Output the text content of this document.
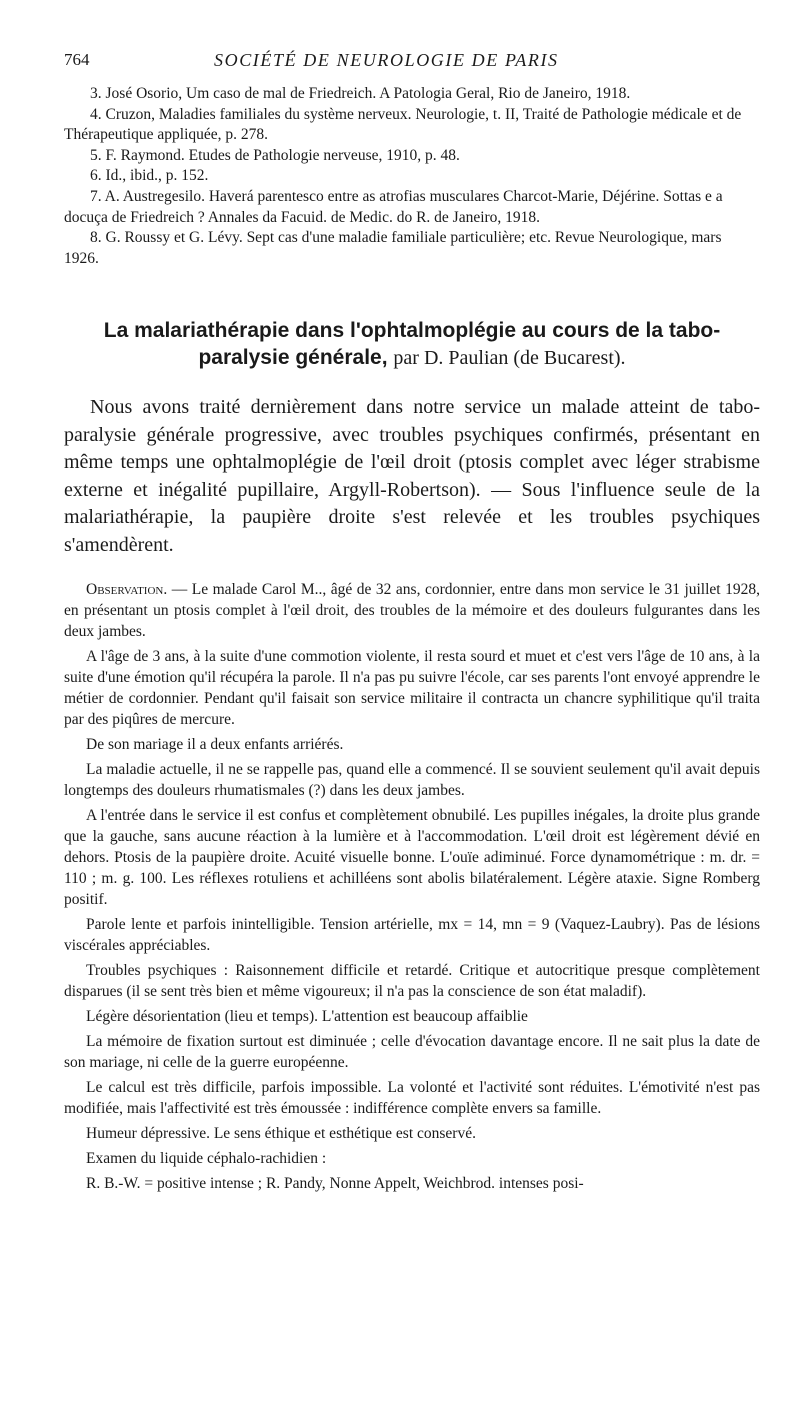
764	SOCIÉTÉ DE NEUROLOGIE DE PARIS

3. José Osorio, Um caso de mal de Friedreich. A Patologia Geral, Rio de Janeiro, 1918.

4. Cruzon, Maladies familiales du système nerveux. Neurologie, t. II, Traité de Pathologie médicale et de Thérapeutique appliquée, p. 278.

5. F. Raymond. Etudes de Pathologie nerveuse, 1910, p. 48.

6. Id., ibid., p. 152.

7. A. Austregesilo. Haverá parentesco entre as atrofias musculares Charcot-Marie, Déjérine. Sottas e a docuça de Friedreich ? Annales da Facuid. de Medic. do R. de Janeiro, 1918.

8. G. Roussy et G. Lévy. Sept cas d'une maladie familiale particulière; etc. Revue Neurologique, mars 1926.

La malariathérapie dans l'ophtalmoplégie au cours de la tabo-
paralysie générale, par D. Paulian (de Bucarest).

Nous avons traité dernièrement dans notre service un malade atteint de tabo-paralysie générale progressive, avec troubles psychiques confirmés, présentant en même temps une ophtalmoplégie de l'œil droit (ptosis complet avec léger strabisme externe et inégalité pupillaire, Argyll-Robertson). — Sous l'influence seule de la malariathérapie, la paupière droite s'est relevée et les troubles psychiques s'amendèrent.

Observation. — Le malade Carol M.., âgé de 32 ans, cordonnier, entre dans mon service le 31 juillet 1928, en présentant un ptosis complet à l'œil droit, des troubles de la mémoire et des douleurs fulgurantes dans les deux jambes.

A l'âge de 3 ans, à la suite d'une commotion violente, il resta sourd et muet et c'est vers l'âge de 10 ans, à la suite d'une émotion qu'il récupéra la parole. Il n'a pas pu suivre l'école, car ses parents l'ont envoyé apprendre le métier de cordonnier. Pendant qu'il faisait son service militaire il contracta un chancre syphilitique qu'il traita par des piqûres de mercure.

De son mariage il a deux enfants arriérés.

La maladie actuelle, il ne se rappelle pas, quand elle a commencé. Il se souvient seulement qu'il avait depuis longtemps des douleurs rhumatismales (?) dans les deux jambes.

A l'entrée dans le service il est confus et complètement obnubilé. Les pupilles inégales, la droite plus grande que la gauche, sans aucune réaction à la lumière et à l'accommodation. L'œil droit est légèrement dévié en dehors. Ptosis de la paupière droite. Acuité visuelle bonne. L'ouïe adiminué. Force dynamométrique : m. dr. = 110 ; m. g. 100. Les réflexes rotuliens et achilléens sont abolis bilatéralement. Légère ataxie. Signe Romberg positif.

Parole lente et parfois inintelligible. Tension artérielle, mx = 14, mn = 9 (Vaquez-Laubry). Pas de lésions viscérales appréciables.

Troubles psychiques : Raisonnement difficile et retardé. Critique et autocritique presque complètement disparues (il se sent très bien et même vigoureux; il n'a pas la conscience de son état maladif).

Légère désorientation (lieu et temps). L'attention est beaucoup affaiblie

La mémoire de fixation surtout est diminuée ; celle d'évocation davantage encore. Il ne sait plus la date de son mariage, ni celle de la guerre européenne.

Le calcul est très difficile, parfois impossible. La volonté et l'activité sont réduites. L'émotivité n'est pas modifiée, mais l'affectivité est très émoussée : indifférence complète envers sa famille.

Humeur dépressive. Le sens éthique et esthétique est conservé.

Examen du liquide céphalo-rachidien :

R. B.-W. = positive intense ; R. Pandy, Nonne Appelt, Weichbrod. intenses posi-
